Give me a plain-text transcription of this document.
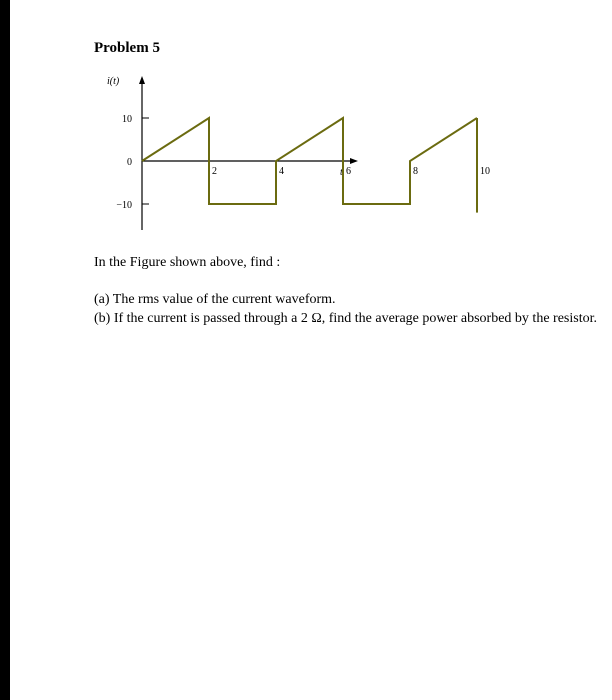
Problem 5
i(t)
t
10
0
−10
2	4	6	8	10
In the Figure shown above, find :
(a) The rms value of the current waveform.
(b) If the current is passed through a 2 Ω, find the average power absorbed by the resistor.
